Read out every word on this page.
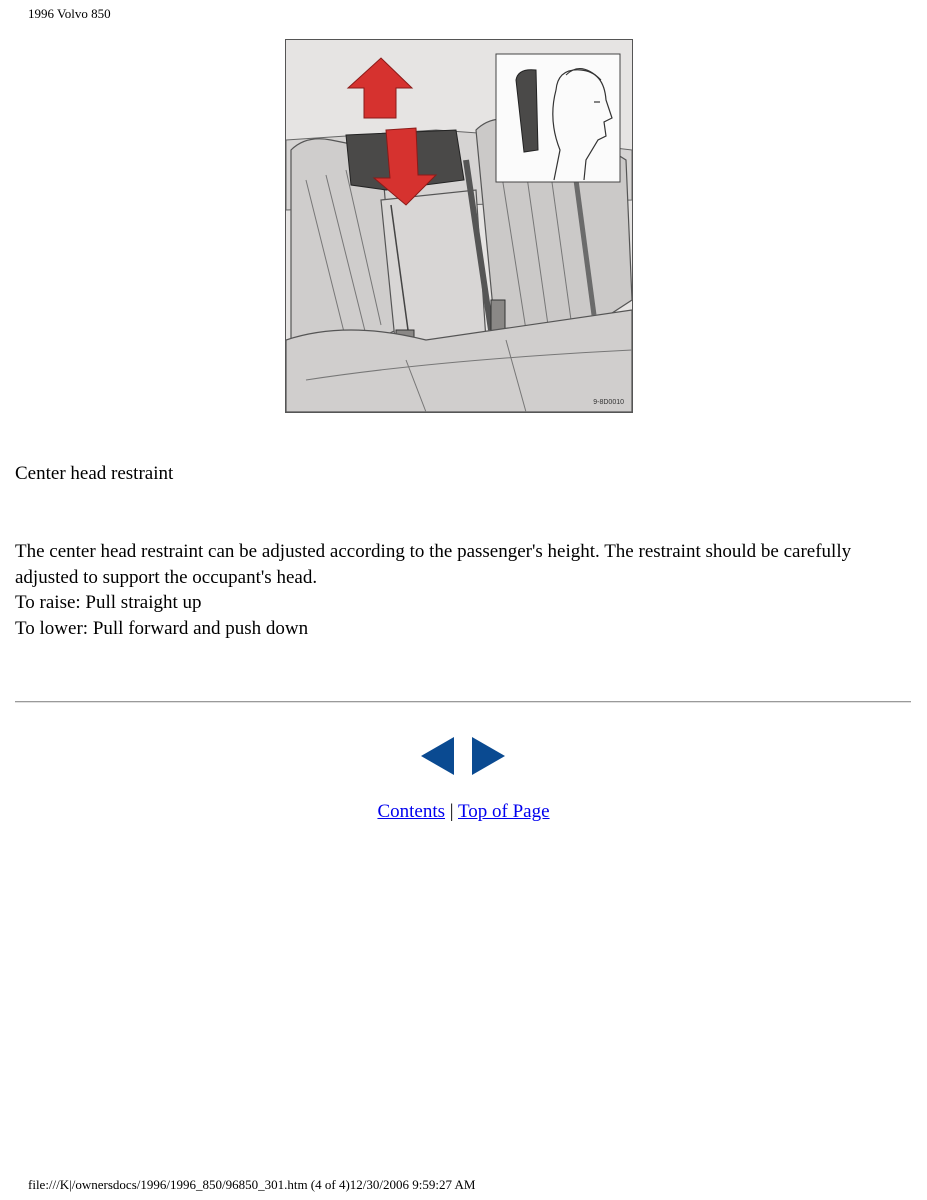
1996 Volvo 850
9-8D0010
Center head restraint

The center head restraint can be adjusted according to the passenger's height. The restraint should be carefully adjusted to support the occupant's head.

To raise: Pull straight up

To lower: Pull forward and push down

Contents | Top of Page
file:///K|/ownersdocs/1996/1996_850/96850_301.htm (4 of 4)12/30/2006 9:59:27 AM
